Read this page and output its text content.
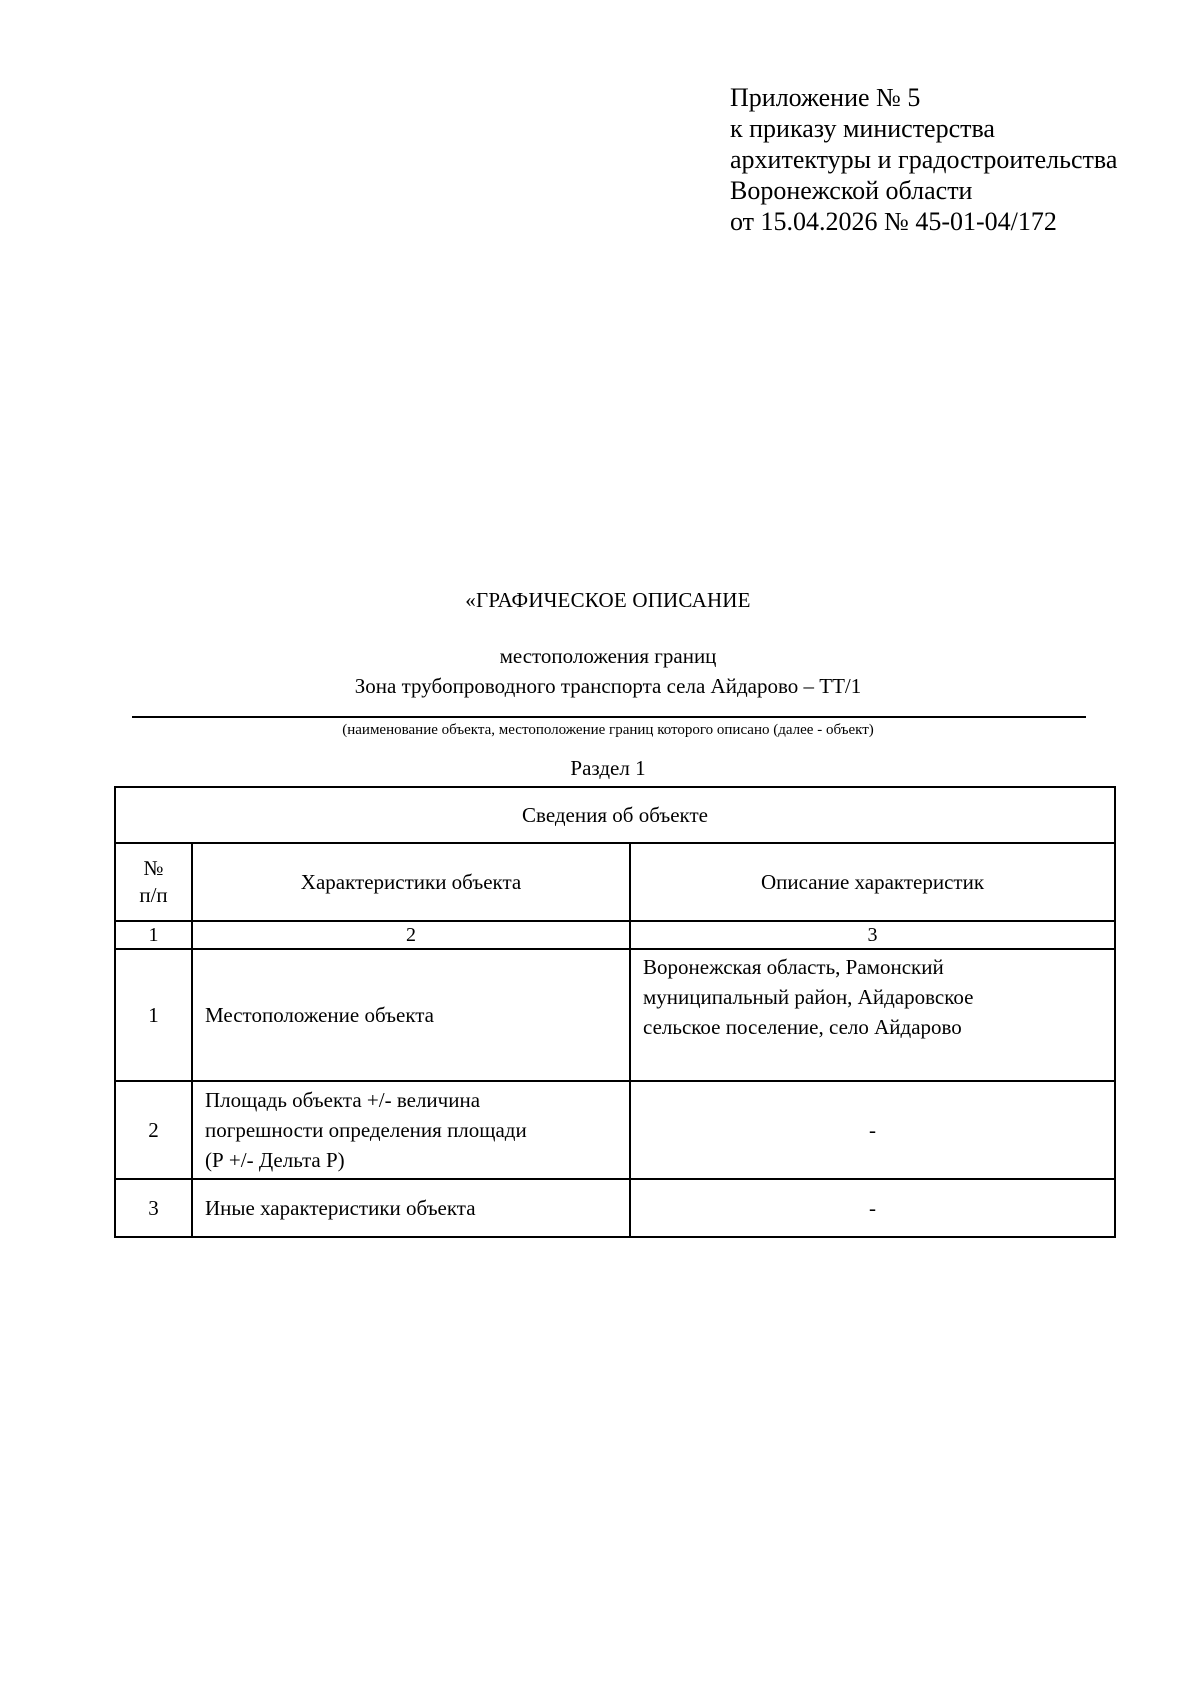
Приложение № 5
к приказу министерства
архитектуры и градостроительства
Воронежской области
от 15.04.2026 № 45-01-04/172
«ГРАФИЧЕСКОЕ ОПИСАНИЕ
местоположения границ
Зона трубопроводного транспорта села Айдарово – ТТ/1
(наименование объекта, местоположение границ которого описано (далее - объект)
Раздел 1
Сведения об объекте		
№
п/п	Характеристики объекта	Описание характеристик
1	2	3
1	Местоположение объекта	Воронежская область, Рамонский
муниципальный район, Айдаровское
сельское поселение, село Айдарово

2	Площадь объекта +/- величина
погрешности определения площади
(Р +/- Дельта Р)	-
3	Иные характеристики объекта	-
